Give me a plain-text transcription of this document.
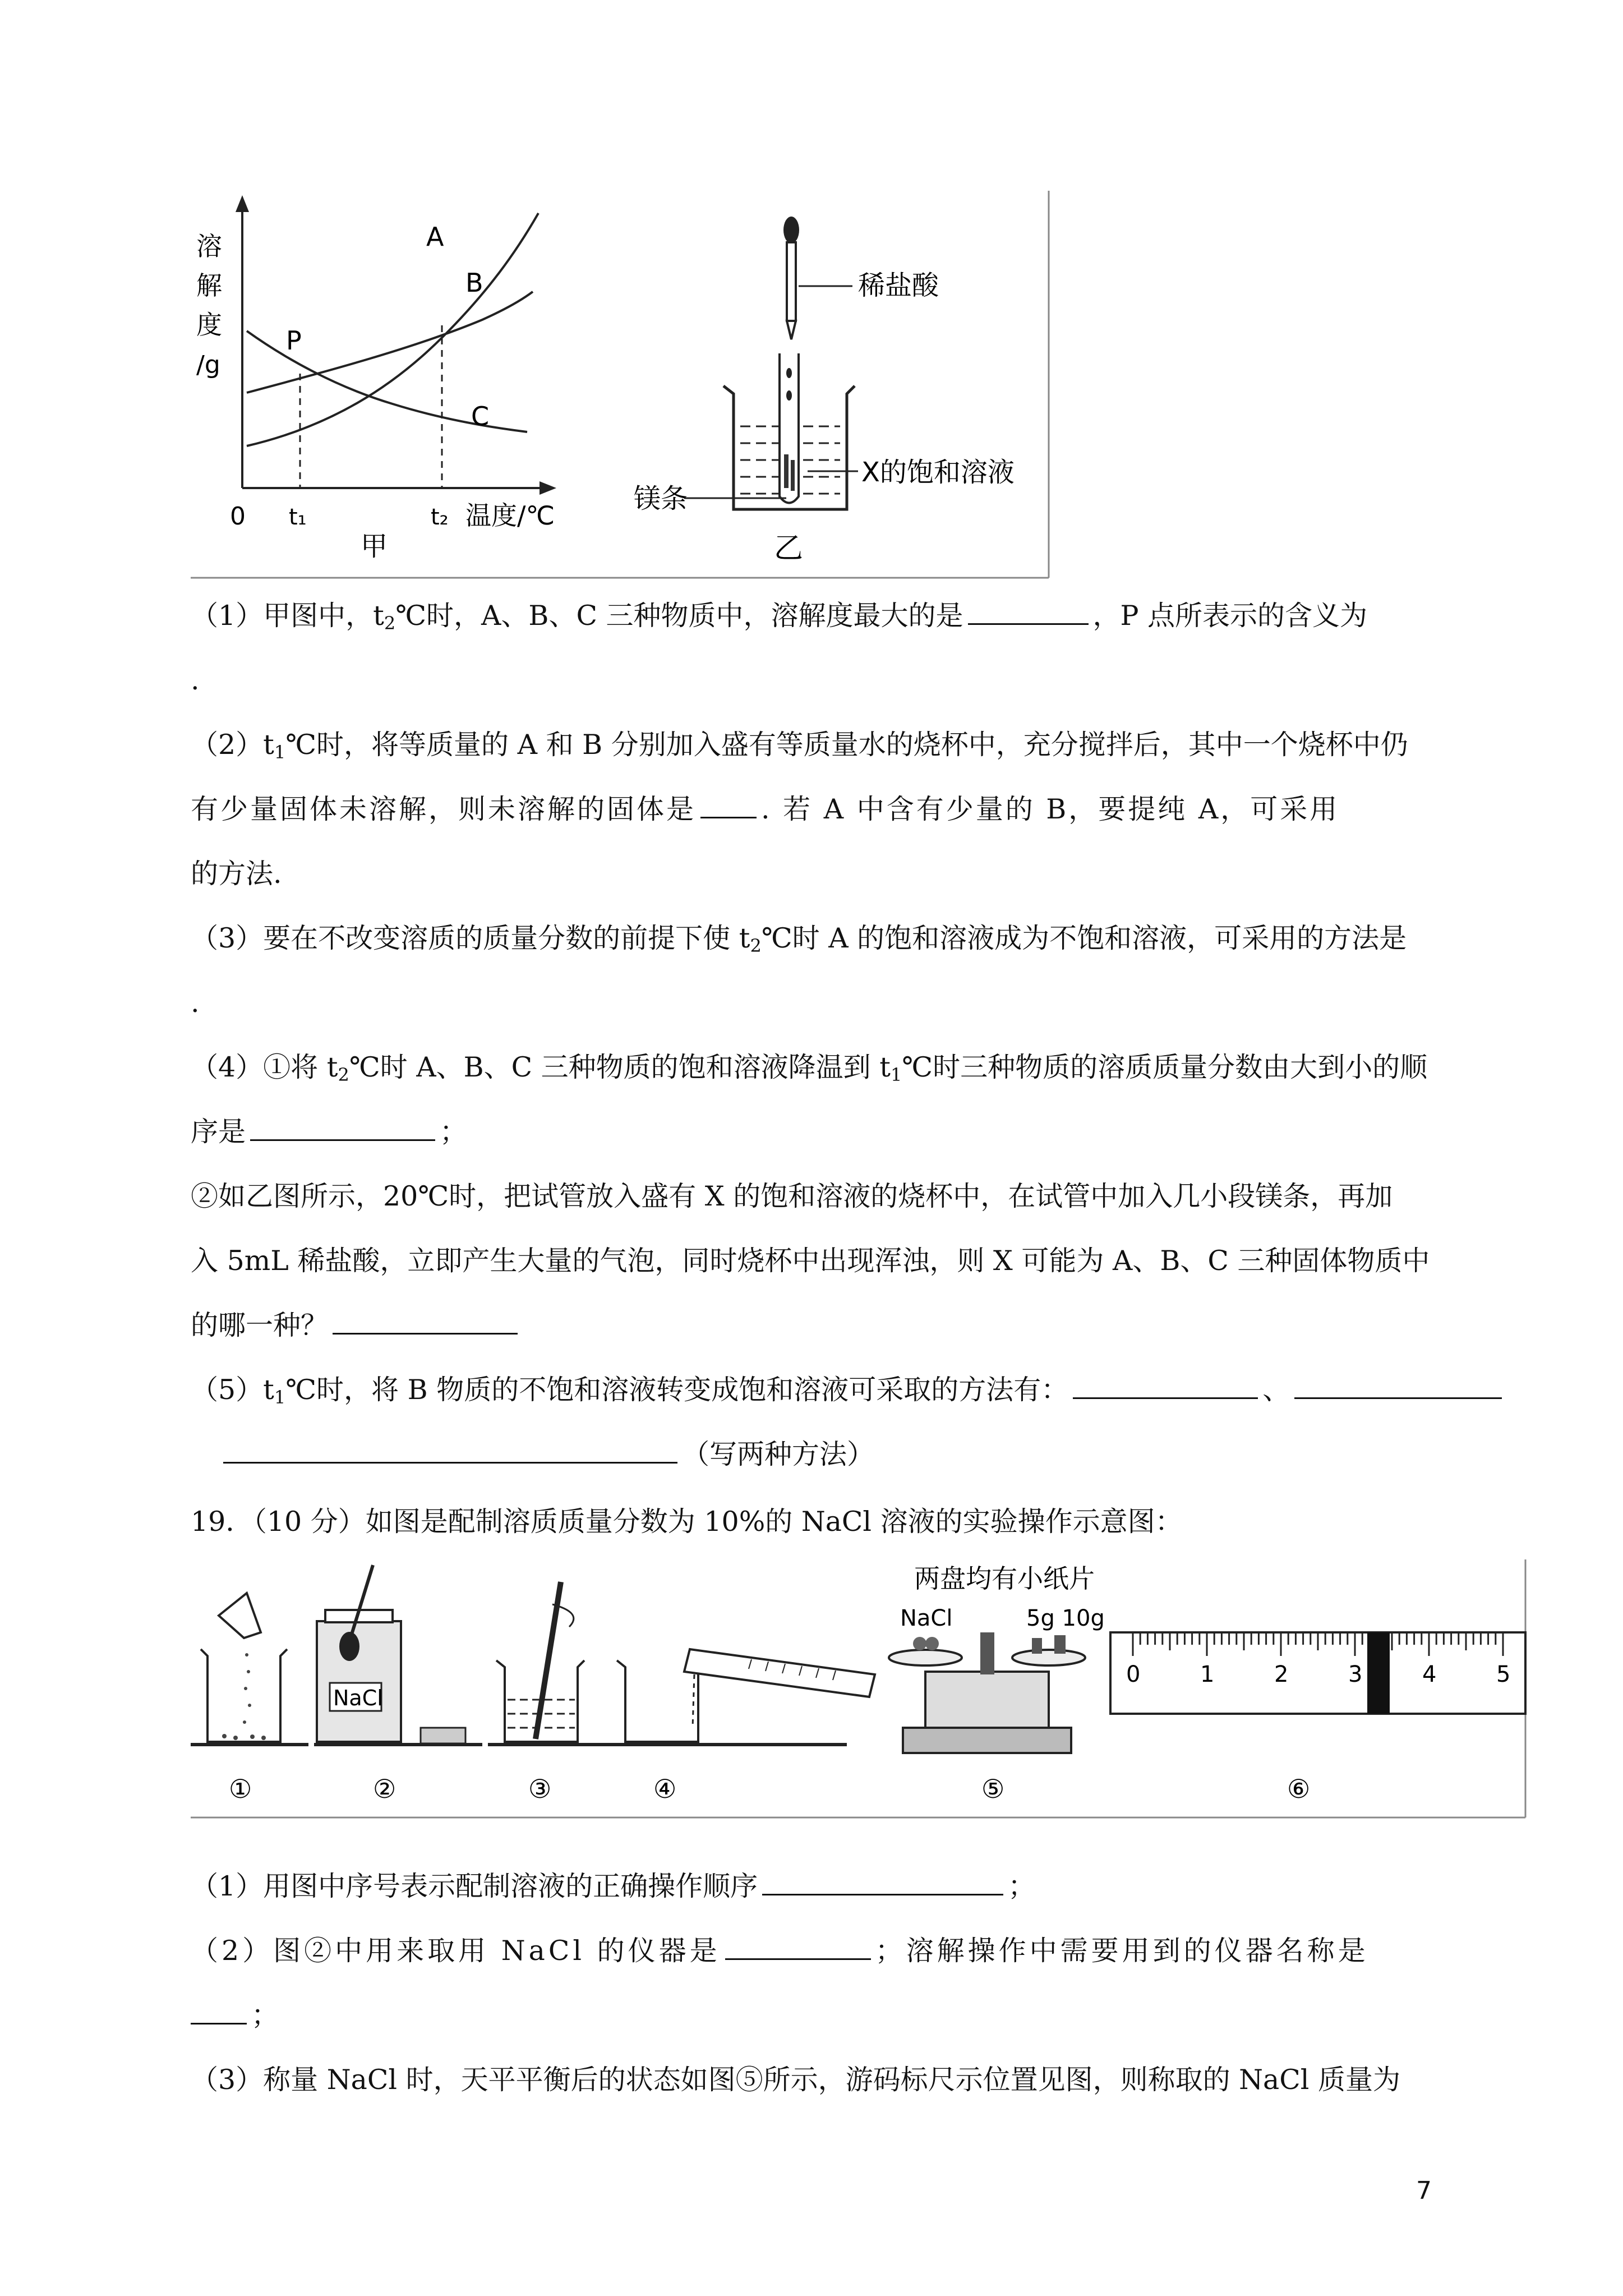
溶
解
度
/g
0 t₁	t₂ 温度/℃
A
B
C
P
甲
稀盐酸
镁条
X的饱和溶液
乙
（1）甲图中，$t_2℃$时，A、B、C 三种物质中，溶解度最大的是	，P 点所表示的含义为
.
$(2)t_1℃$时，将等质量的 A 和 B 分别加入盛有等质量水的烧杯中，充分搅拌后，其中一个烧杯中仍
有少量固体未溶解，则未溶解的固体是 . 若 A 中含有少量的 B，要提纯 A，可采用
的方法.
（3）要在不改变溶质的质量分数的前提下使 $t_2℃$时 A 的饱和溶液成为不饱和溶液，可采用的方法是
.
（4）①将 $t_2℃$时 A、B、C 三种物质的饱和溶液降温到 $t_1℃$时三种物质的溶质质量分数由大到小的顺
序是	；
②如乙图所示，20℃时，把试管放入盛有 X 的饱和溶液的烧杯中，在试管中加入几小段镁条，再加
入 5mL 稀盐酸，立即产生大量的气泡，同时烧杯中出现浑浊，则 X 可能为 A、B、C 三种固体物质中
的哪一种？
$(5)t_1℃$时，将 B 物质的不饱和溶液转变成饱和溶液可采取的方法有：	、
（写两种方法）
19．（10 分）如图是配制溶质质量分数为 10%的 NaCl 溶液的实验操作示意图：
NaCl
两盘均有小纸片
NaCl	5g 10g
0	1	2	3	4	5
①	②	③	④	⑤	⑥
（1）用图中序号表示配制溶液的正确操作顺序	；
（2）图②中用来取用 NaCl 的仪器是	；溶解操作中需要用到的仪器名称是
；
（3）称量 NaCl 时，天平平衡后的状态如图⑤所示，游码标尺示位置见图，则称取的 NaCl 质量为
7
